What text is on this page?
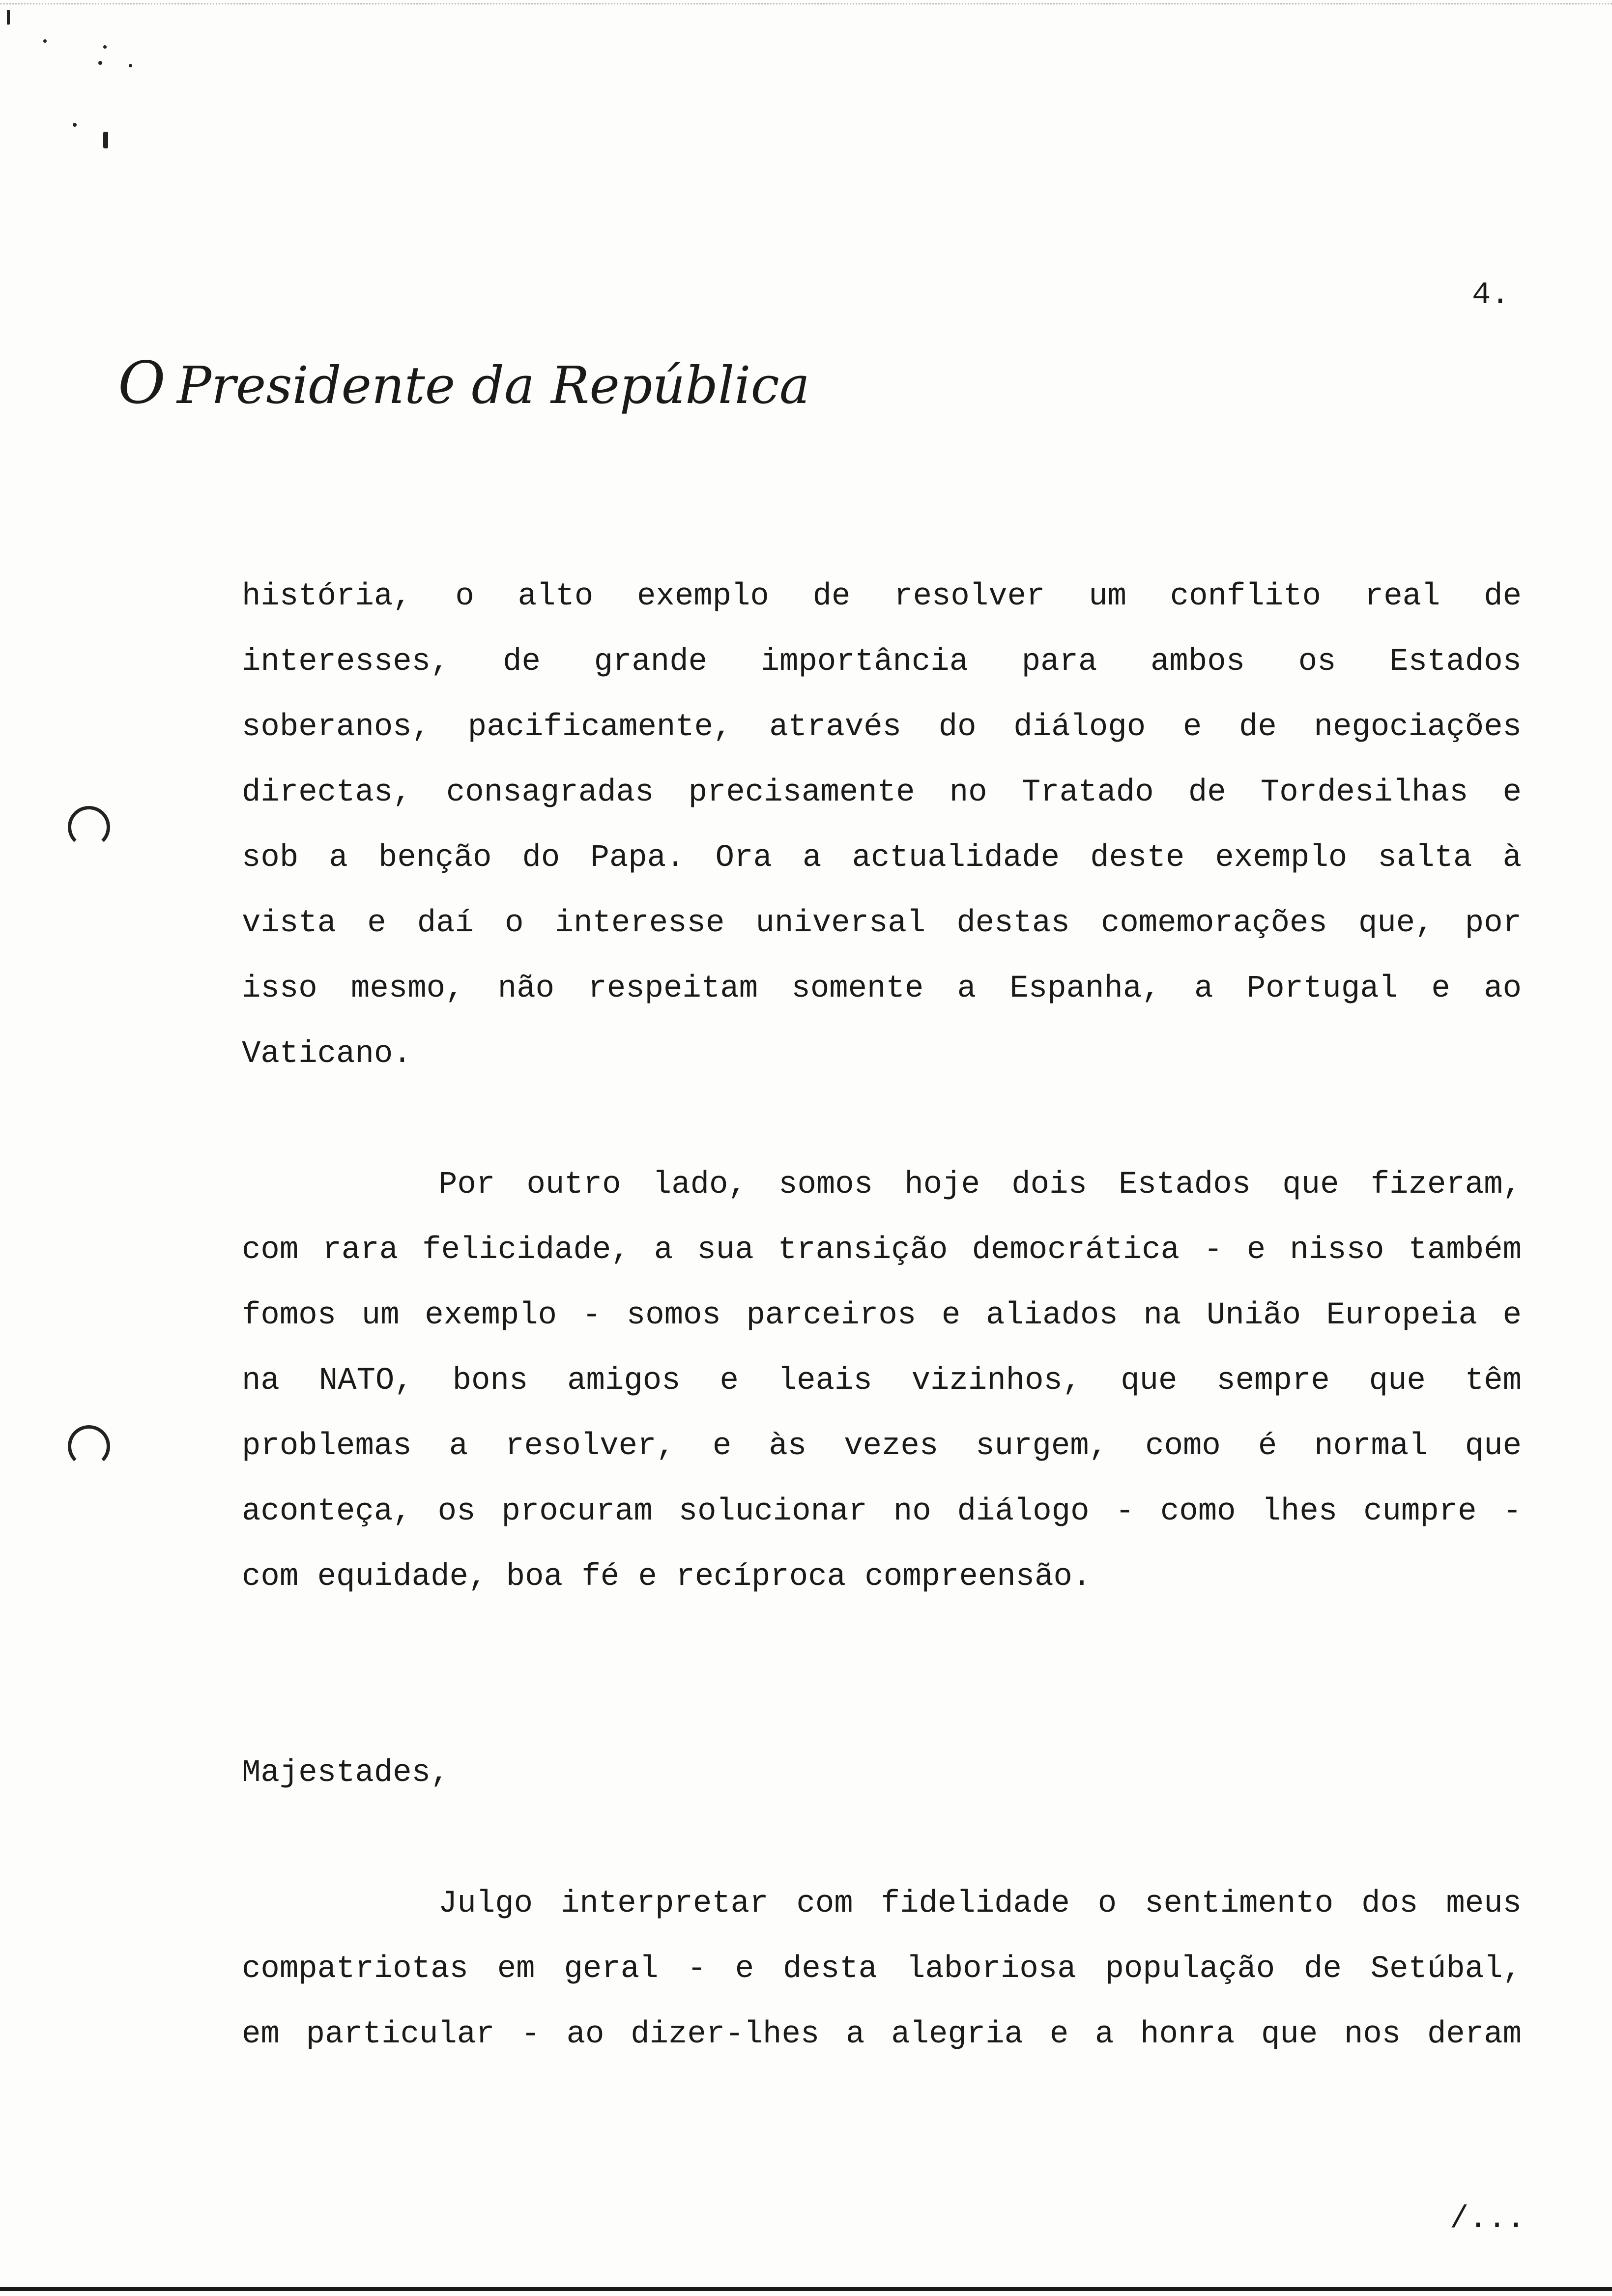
4.
O Presidente da República
história, o alto exemplo de resolver um conflito real de
interesses, de grande importância para ambos os Estados
soberanos, pacificamente, através do diálogo e de negociações
directas, consagradas precisamente no Tratado de Tordesilhas e
sob a benção do Papa. Ora a actualidade deste exemplo salta à
vista e daí o interesse universal destas comemorações que, por
isso mesmo, não respeitam somente a Espanha, a Portugal e ao
Vaticano.
Por outro lado, somos hoje dois Estados que fizeram,
com rara felicidade, a sua transição democrática - e nisso também
fomos um exemplo - somos parceiros e aliados na União Europeia e
na NATO, bons amigos e leais vizinhos, que sempre que têm
problemas a resolver, e às vezes surgem, como é normal que
aconteça, os procuram solucionar no diálogo - como lhes cumpre -
com equidade, boa fé e recíproca compreensão.
Majestades,
Julgo interpretar com fidelidade o sentimento dos meus
compatriotas em geral - e desta laboriosa população de Setúbal,
em particular - ao dizer-lhes a alegria e a honra que nos deram
/...
